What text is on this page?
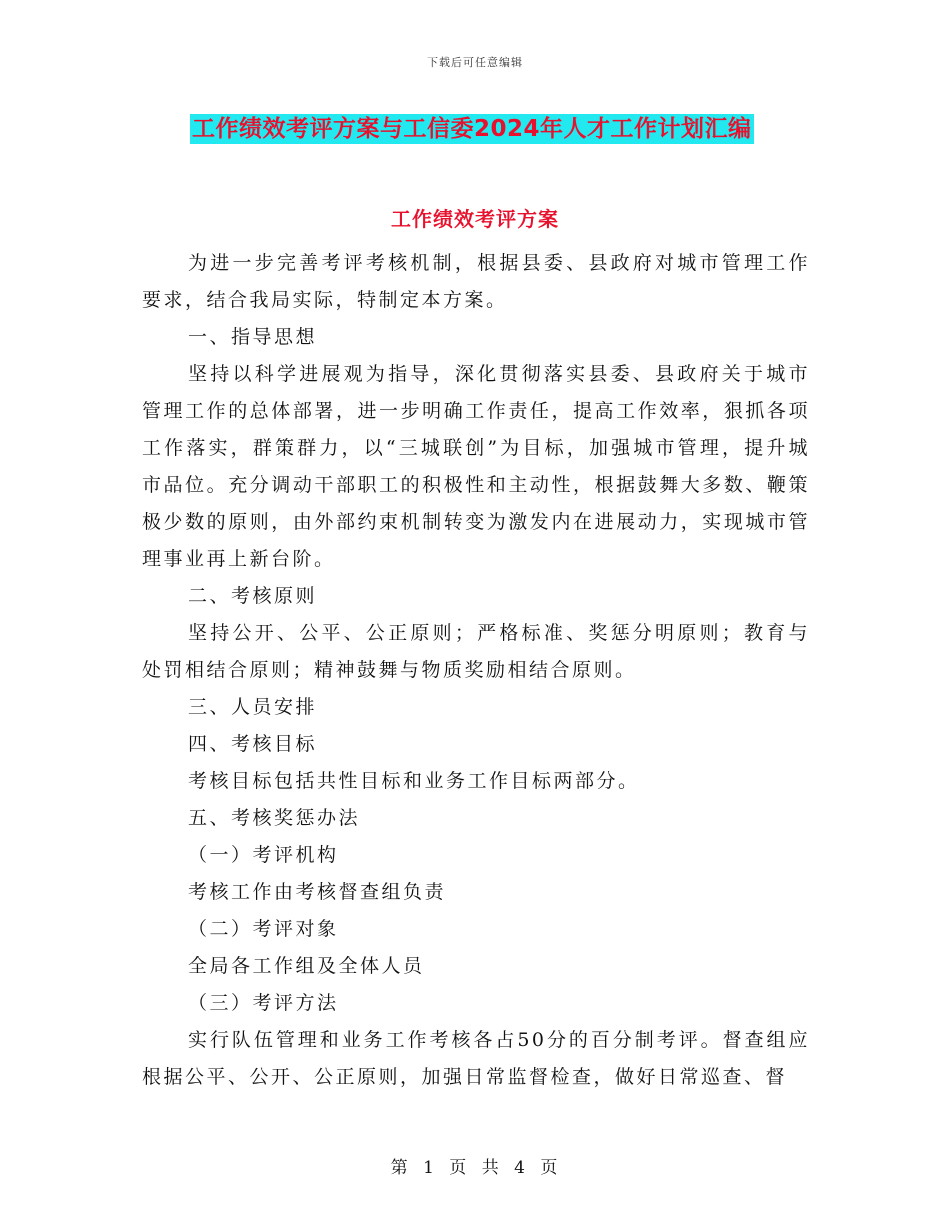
下载后可任意编辑
工作绩效考评方案与工信委2024年人才工作计划汇编
工作绩效考评方案

为进一步完善考评考核机制，根据县委、县政府对城市管理工作要求，结合我局实际，特制定本方案。

一、指导思想

坚持以科学进展观为指导，深化贯彻落实县委、县政府关于城市管理工作的总体部署，进一步明确工作责任，提高工作效率，狠抓各项工作落实，群策群力，以“三城联创”为目标，加强城市管理，提升城市品位。充分调动干部职工的积极性和主动性，根据鼓舞大多数、鞭策极少数的原则，由外部约束机制转变为激发内在进展动力，实现城市管理事业再上新台阶。

二、考核原则

坚持公开、公平、公正原则；严格标准、奖惩分明原则；教育与处罚相结合原则；精神鼓舞与物质奖励相结合原则。

三、人员安排

四、考核目标

考核目标包括共性目标和业务工作目标两部分。

五、考核奖惩办法

（一）考评机构

考核工作由考核督查组负责

（二）考评对象

全局各工作组及全体人员

（三）考评方法

实行队伍管理和业务工作考核各占50分的百分制考评。督查组应根据公平、公开、公正原则，加强日常监督检查，做好日常巡查、督

第 1 页 共 4 页
